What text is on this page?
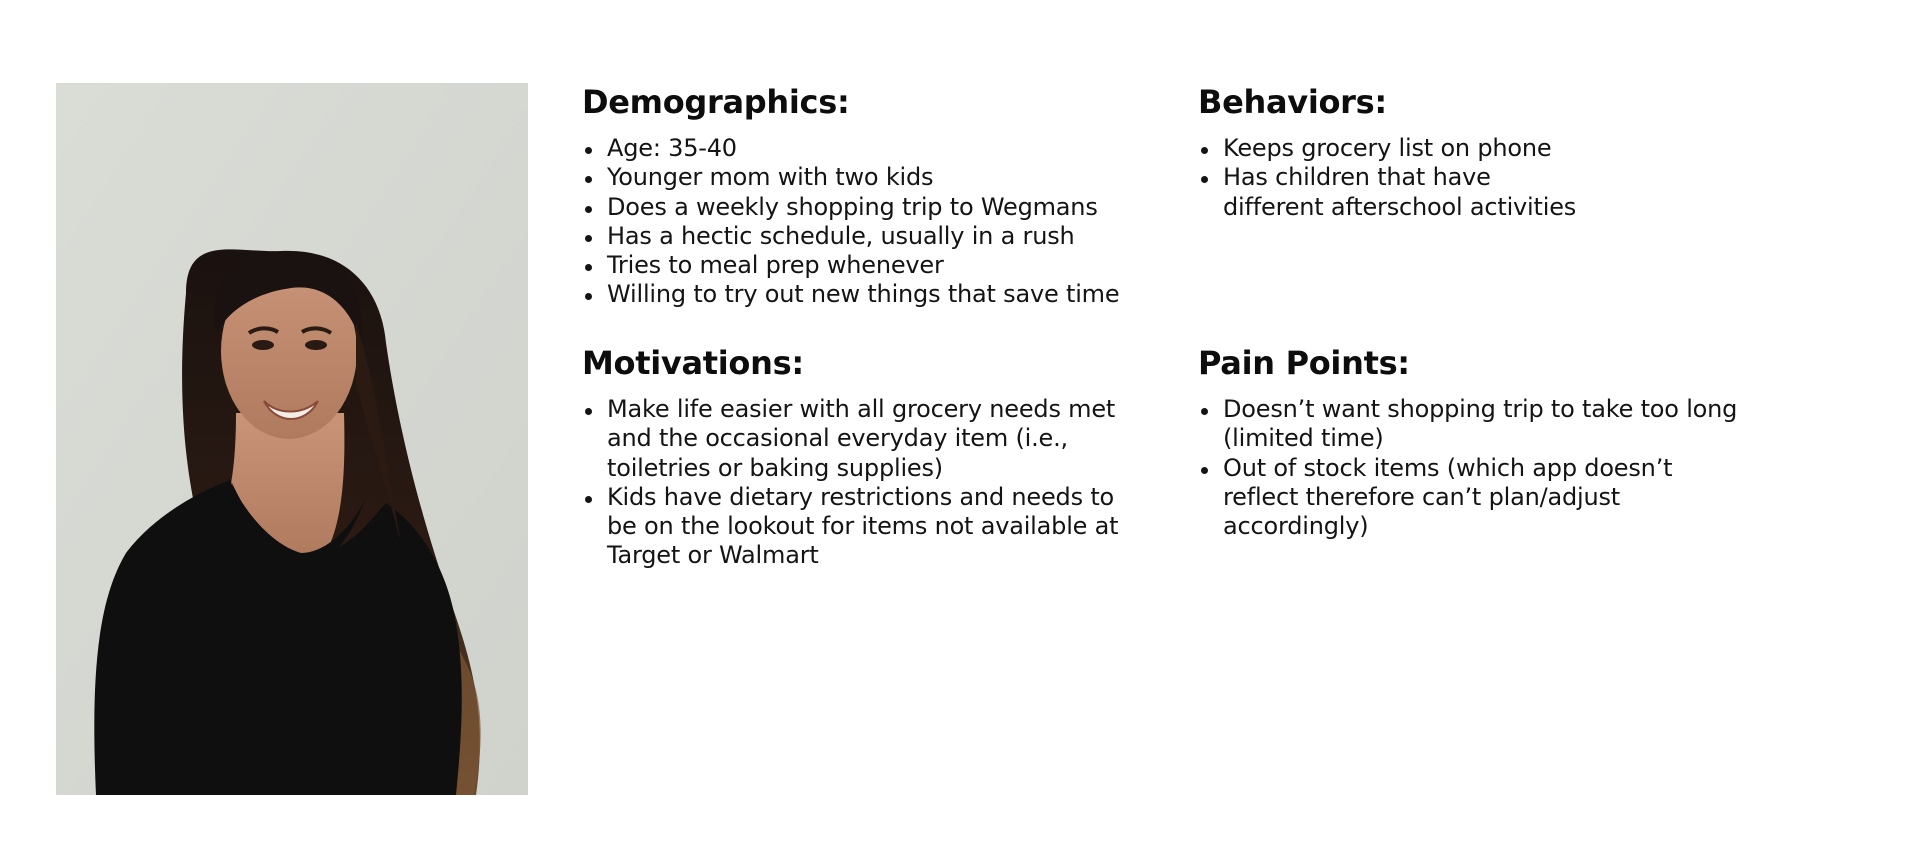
Demographics:
Age: 35-40
Younger mom with two kids
Does a weekly shopping trip to Wegmans
Has a hectic schedule, usually in a rush
Tries to meal prep whenever
Willing to try out new things that save time
Behaviors:
Keeps grocery list on phone
Has children that have different afterschool activities
Motivations:
Make life easier with all grocery needs met and the occasional everyday item (i.e., toiletries or baking supplies)
Kids have dietary restrictions and needs to be on the lookout for items not available at Target or Walmart
Pain Points:
Doesn’t want shopping trip to take too long (limited time)
Out of stock items (which app doesn’t reflect therefore can’t plan/adjust accordingly)
